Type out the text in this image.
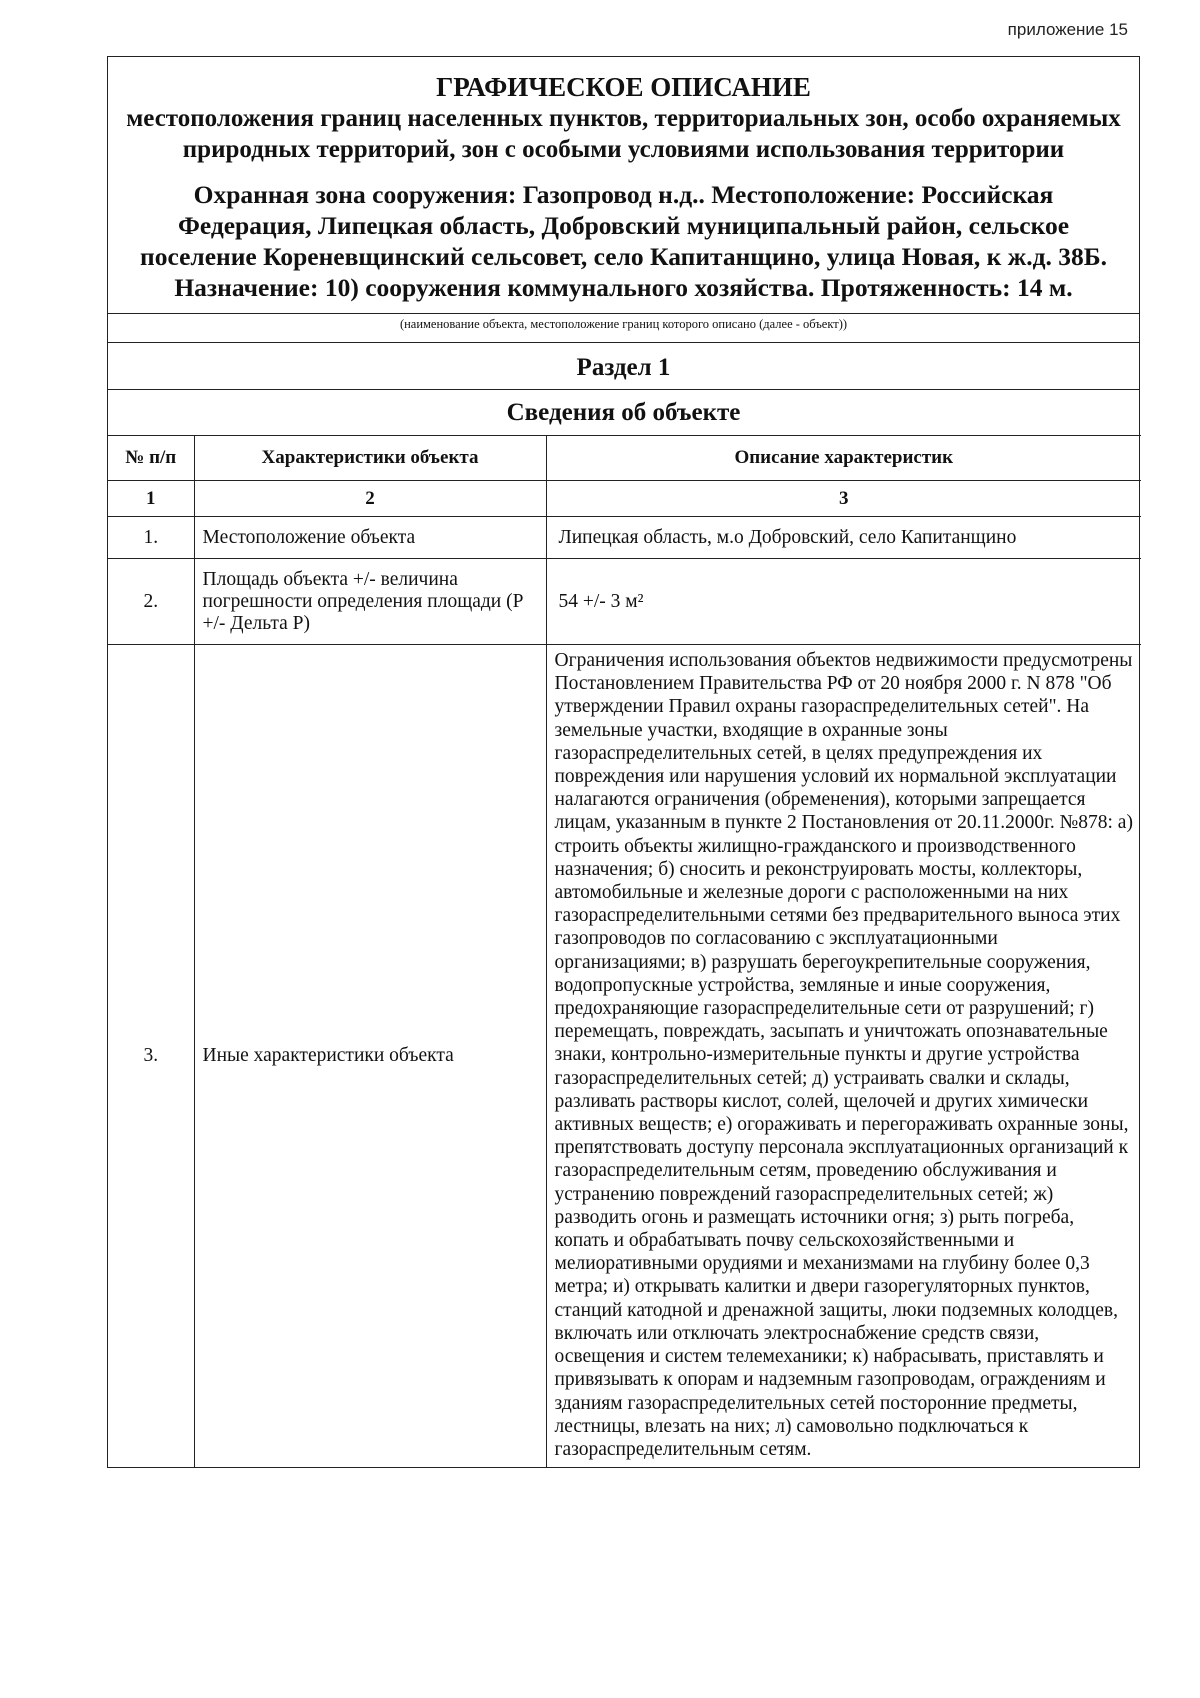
приложение 15
ГРАФИЧЕСКОЕ ОПИСАНИЕ
местоположения границ населенных пунктов, территориальных зон, особо охраняемых природных территорий, зон с особыми условиями использования территории
Охранная зона сооружения: Газопровод н.д.. Местоположение: Российская Федерация, Липецкая область, Добровский муниципальный район, сельское поселение Кореневщинский сельсовет, село Капитанщино, улица Новая, к ж.д. 38Б. Назначение: 10) сооружения коммунального хозяйства. Протяженность: 14 м.
(наименование объекта, местоположение границ которого описано (далее - объект))
Раздел 1
Сведения об объекте
№ п/п	Характеристики объекта	Описание характеристик
1	2	3
1.	Местоположение объекта	Липецкая область, м.о Добровский, село Капитанщино
2.	Площадь объекта +/- величина погрешности определения площади (Р +/- Дельта Р)	54 +/- 3 м²
3.	Иные характеристики объекта	Ограничения использования объектов недвижимости предусмотрены Постановлением Правительства РФ от 20 ноября 2000 г. N 878 "Об утверждении Правил охраны газораспределительных сетей". На земельные участки, входящие в охранные зоны газораспределительных сетей, в целях предупреждения их повреждения или нарушения условий их нормальной эксплуатации налагаются ограничения (обременения), которыми запрещается лицам, указанным в пункте 2 Постановления от 20.11.2000г. №878: а) строить объекты жилищно-гражданского и производственного назначения; б) сносить и реконструировать мосты, коллекторы, автомобильные и железные дороги с расположенными на них газораспределительными сетями без предварительного выноса этих газопроводов по согласованию с эксплуатационными организациями; в) разрушать берегоукрепительные сооружения, водопропускные устройства, земляные и иные сооружения, предохраняющие газораспределительные сети от разрушений; г) перемещать, повреждать, засыпать и уничтожать опознавательные знаки, контрольно-измерительные пункты и другие устройства газораспределительных сетей; д) устраивать свалки и склады, разливать растворы кислот, солей, щелочей и других химически активных веществ; е) огораживать и перегораживать охранные зоны, препятствовать доступу персонала эксплуатационных организаций к газораспределительным сетям, проведению обслуживания и устранению повреждений газораспределительных сетей; ж) разводить огонь и размещать источники огня; з) рыть погреба, копать и обрабатывать почву сельскохозяйственными и мелиоративными орудиями и механизмами на глубину более 0,3 метра; и) открывать калитки и двери газорегуляторных пунктов, станций катодной и дренажной защиты, люки подземных колодцев, включать или отключать электроснабжение средств связи, освещения и систем телемеханики; к) набрасывать, приставлять и привязывать к опорам и надземным газопроводам, ограждениям и зданиям газораспределительных сетей посторонние предметы, лестницы, влезать на них; л) самовольно подключаться к газораспределительным сетям.
